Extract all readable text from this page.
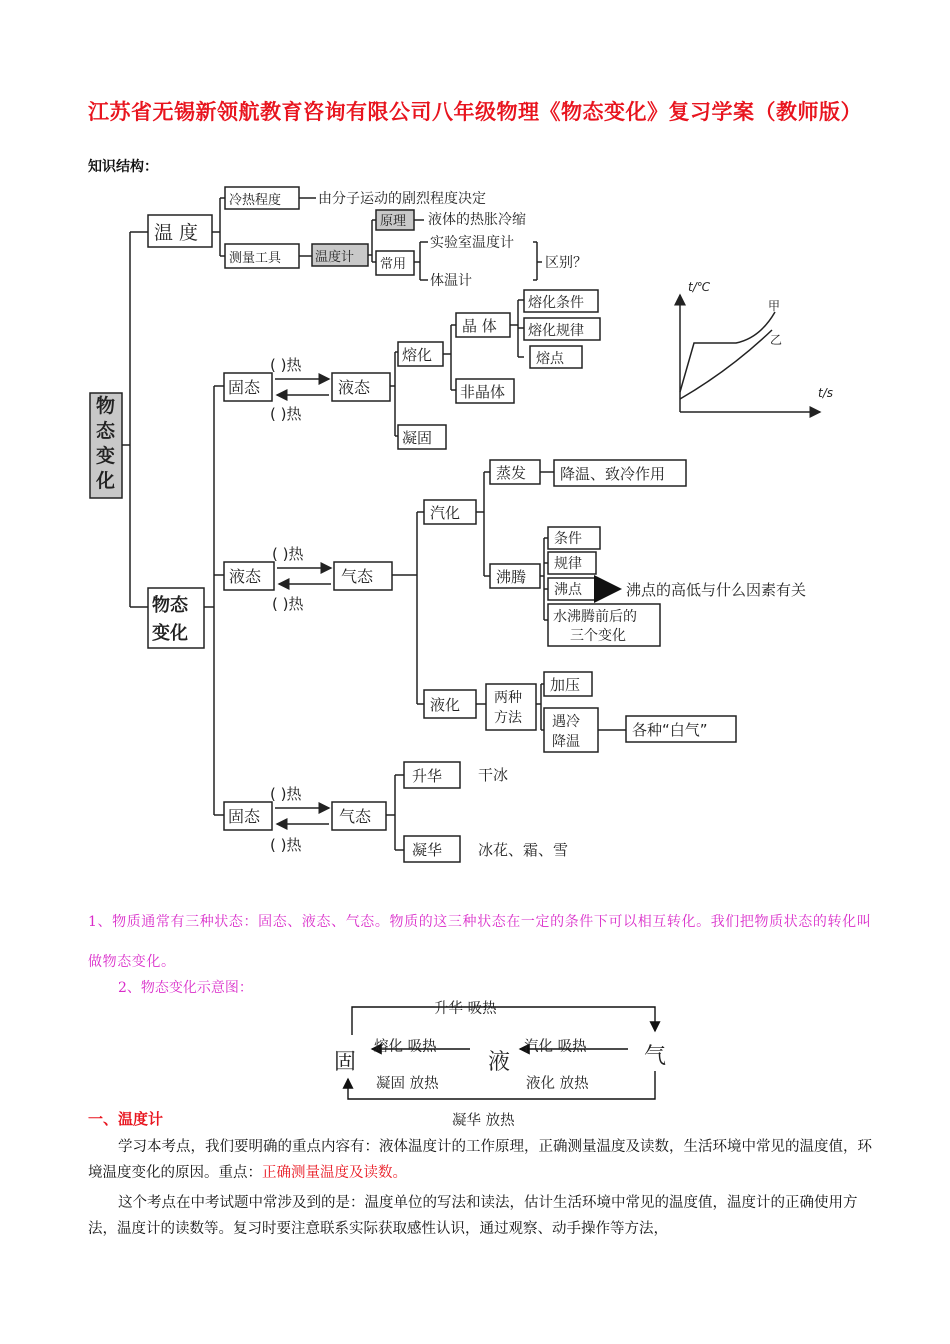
江苏省无锡新领航教育咨询有限公司八年级物理《物态变化》复习学案（教师版）
知识结构：
物
态
变
化
温 度
冷热程度	由分子运动的剧烈程度决定
测量工具	温度计
原理 液体的热胀冷缩
常用
实验室温度计
体温计
区别？
物态
变化
固态	液态
( )热
( )热
熔化
晶 体
熔化条件
熔化规律
熔点
非晶体
凝固
液态	气态
( )热
( )热
汽化
蒸发 降温、致冷作用
沸腾
条件
规律
沸点	沸点的高低与什么因素有关
水沸腾前后的
三个变化
液化 两种
方法
加压
遇冷
降温
各种“白气”
固态	气态
( )热
( )热
升华 干冰
凝华 冰花、霜、雪
t/℃
t/s
甲
乙
1、物质通常有三种状态：固态、液态、气态。物质的这三种状态在一定的条件下可以相互转化。我们把物质状态的转化叫做物态变化。
2、物态变化示意图：
升华 吸热
熔化 吸热	汽化 吸热
凝固 放热	液化 放热
固	液	气
凝华 放热
一、温度计
学习本考点，我们要明确的重点内容有：液体温度计的工作原理，正确测量温度及读数，生活环境中常见的温度值，环境温度变化的原因。重点：正确测量温度及读数。
这个考点在中考试题中常涉及到的是：温度单位的写法和读法，估计生活环境中常见的温度值，温度计的正确使用方法，温度计的读数等。复习时要注意联系实际获取感性认识，通过观察、动手操作等方法，
